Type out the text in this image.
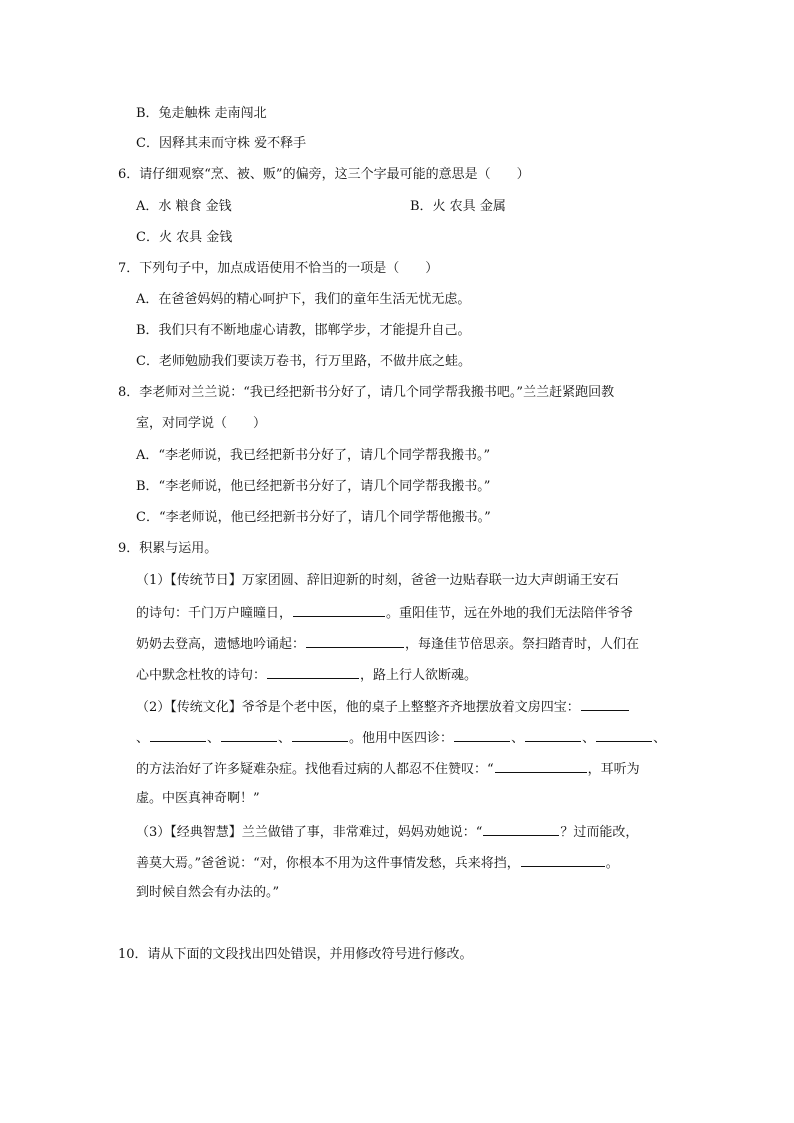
B．兔走触株 走南闯北
C．因释其耒而守株 爱不释手
6．请仔细观察“烹、被、贩”的偏旁，这三个字最可能的意思是（　　）
A．水 粮食 金钱	B．火 农具 金属
C．火 农具 金钱
7．下列句子中，加点成语使用不恰当的一项是（　　）
A．在爸爸妈妈的精心呵护下，我们的童年生活无忧无虑。
B．我们只有不断地虚心请教，邯郸学步，才能提升自己。
C．老师勉励我们要读万卷书，行万里路，不做井底之蛙。
8．李老师对兰兰说：“我已经把新书分好了，请几个同学帮我搬书吧。”兰兰赶紧跑回教
室，对同学说（　　）
A．“李老师说，我已经把新书分好了，请几个同学帮我搬书。”
B．“李老师说，他已经把新书分好了，请几个同学帮我搬书。”
C．“李老师说，他已经把新书分好了，请几个同学帮他搬书。”
9．积累与运用。
（1）【传统节日】万家团圆、辞旧迎新的时刻，爸爸一边贴春联一边大声朗诵王安石
的诗句：千门万户曈曈日，	。重阳佳节，远在外地的我们无法陪伴爷爷
奶奶去登高，遗憾地吟诵起：	，每逢佳节倍思亲。祭扫踏青时，人们在
心中默念杜牧的诗句：	，路上行人欲断魂。
（2）【传统文化】爷爷是个老中医，他的桌子上整整齐齐地摆放着文房四宝：
、	、	、	。他用中医四诊：	、	、	、
的方法治好了许多疑难杂症。找他看过病的人都忍不住赞叹：“	，耳听为
虚。中医真神奇啊！”
（3）【经典智慧】兰兰做错了事，非常难过，妈妈劝她说：“	？过而能改，
善莫大焉。”爸爸说：“对，你根本不用为这件事情发愁，兵来将挡，	。
到时候自然会有办法的。”
10．请从下面的文段找出四处错误，并用修改符号进行修改。
